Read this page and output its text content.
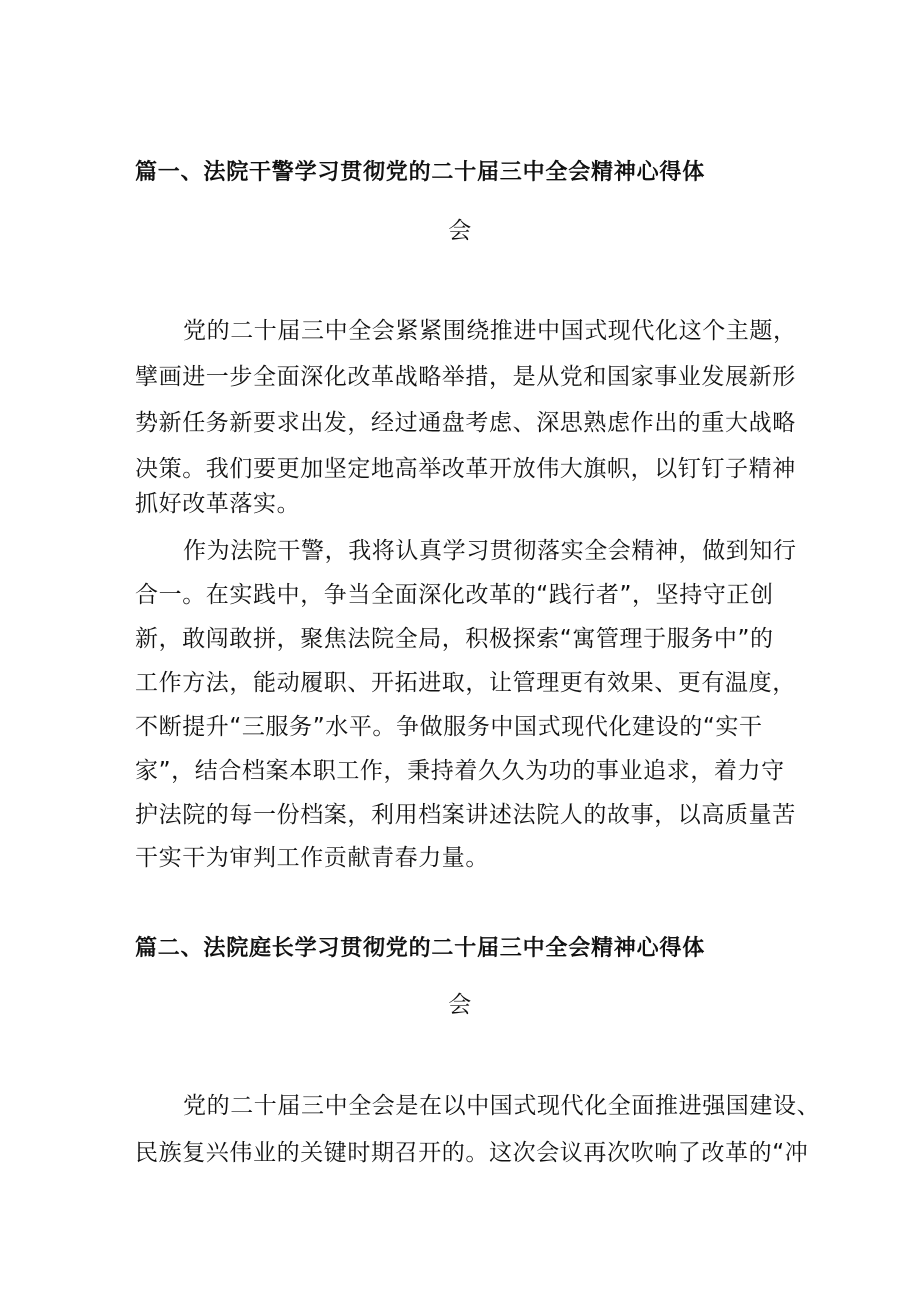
篇一、法院干警学习贯彻党的二十届三中全会精神心得体
会
党的二十届三中全会紧紧围绕推进中国式现代化这个主题，
擘画进一步全面深化改革战略举措，是从党和国家事业发展新形
势新任务新要求出发，经过通盘考虑、深思熟虑作出的重大战略
决策。我们要更加坚定地高举改革开放伟大旗帜，以钉钉子精神
抓好改革落实。
作为法院干警，我将认真学习贯彻落实全会精神，做到知行
合一。在实践中，争当全面深化改革的“践行者”，坚持守正创
新，敢闯敢拼，聚焦法院全局，积极探索“寓管理于服务中”的
工作方法，能动履职、开拓进取，让管理更有效果、更有温度，
不断提升“三服务”水平。争做服务中国式现代化建设的“实干
家”，结合档案本职工作，秉持着久久为功的事业追求，着力守
护法院的每一份档案，利用档案讲述法院人的故事，以高质量苦
干实干为审判工作贡献青春力量。
篇二、法院庭长学习贯彻党的二十届三中全会精神心得体
会
党的二十届三中全会是在以中国式现代化全面推进强国建设、
民族复兴伟业的关键时期召开的。这次会议再次吹响了改革的“冲
